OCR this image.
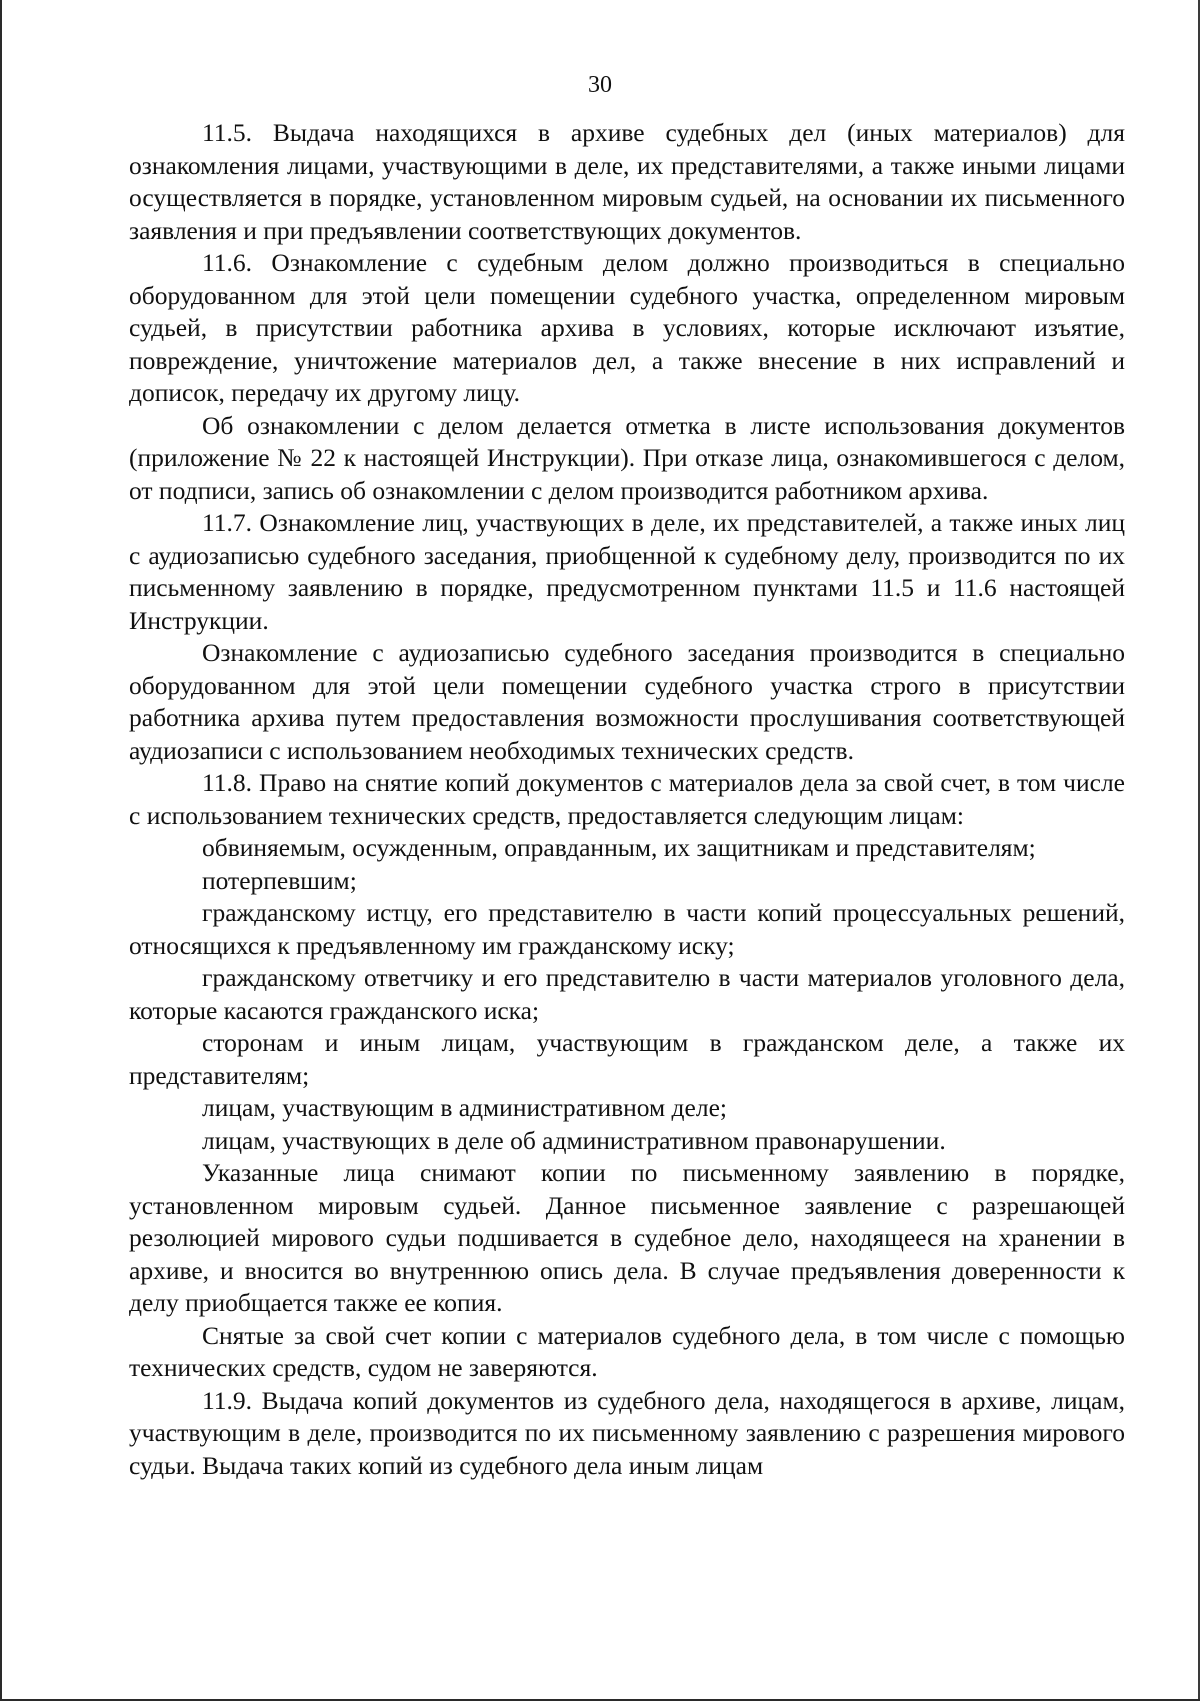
30

11.5. Выдача находящихся в архиве судебных дел (иных материалов) для ознакомления лицами, участвующими в деле, их представителями, а также иными лицами осуществляется в порядке, установленном мировым судьей, на основании их письменного заявления и при предъявлении соответствующих документов.

11.6. Ознакомление с судебным делом должно производиться в специально оборудованном для этой цели помещении судебного участка, определенном мировым судьей, в присутствии работника архива в условиях, которые исключают изъятие, повреждение, уничтожение материалов дел, а также внесение в них исправлений и дописок, передачу их другому лицу.

Об ознакомлении с делом делается отметка в листе использования документов (приложение № 22 к настоящей Инструкции). При отказе лица, ознакомившегося с делом, от подписи, запись об ознакомлении с делом производится работником архива.

11.7. Ознакомление лиц, участвующих в деле, их представителей, а также иных лиц с аудиозаписью судебного заседания, приобщенной к судебному делу, производится по их письменному заявлению в порядке, предусмотренном пунктами 11.5 и 11.6 настоящей Инструкции.

Ознакомление с аудиозаписью судебного заседания производится в специально оборудованном для этой цели помещении судебного участка строго в присутствии работника архива путем предоставления возможности прослушивания соответствующей аудиозаписи с использованием необходимых технических средств.

11.8. Право на снятие копий документов с материалов дела за свой счет, в том числе с использованием технических средств, предоставляется следующим лицам:

обвиняемым, осужденным, оправданным, их защитникам и представителям;

потерпевшим;

гражданскому истцу, его представителю в части копий процессуальных решений, относящихся к предъявленному им гражданскому иску;

гражданскому ответчику и его представителю в части материалов уголовного дела, которые касаются гражданского иска;

сторонам и иным лицам, участвующим в гражданском деле, а также их представителям;

лицам, участвующим в административном деле;

лицам, участвующих в деле об административном правонарушении.

Указанные лица снимают копии по письменному заявлению в порядке, установленном мировым судьей. Данное письменное заявление с разрешающей резолюцией мирового судьи подшивается в судебное дело, находящееся на хранении в архиве, и вносится во внутреннюю опись дела. В случае предъявления доверенности к делу приобщается также ее копия.

Снятые за свой счет копии с материалов судебного дела, в том числе с помощью технических средств, судом не заверяются.

11.9. Выдача копий документов из судебного дела, находящегося в архиве, лицам, участвующим в деле, производится по их письменному заявлению с разрешения мирового судьи. Выдача таких копий из судебного дела иным лицам
